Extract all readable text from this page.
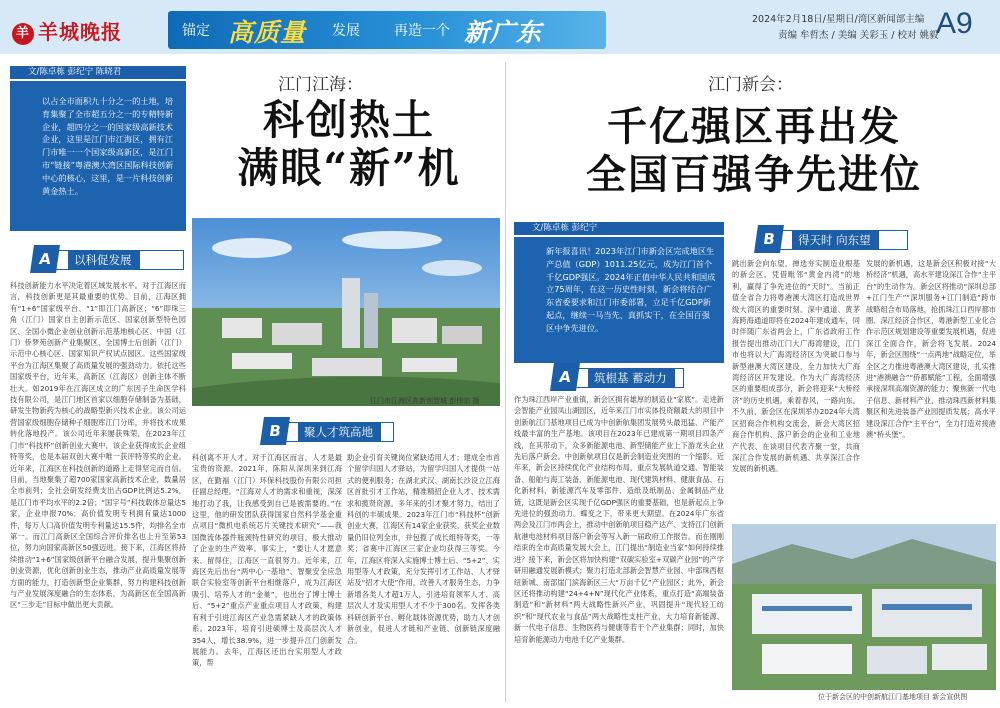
羊 羊城晚报	锚定 高质量 发展 再造一个 新广东	2024年2月18日/星期日/湾区新闻部主编
责编 牟哲杰 / 美编 关彩玉 / 校对 姚毅
A9
文/陈卓栋 彭纪宁 陈晓君
以占全市面积九十分之一的土地，培育集聚了全市超五分之一的专精特新企业，超四分之一的国家级高新技术企业，这里是江门市江海区，拥有江门市唯一一个国家级高新区，是江门市“链接”粤港澳大湾区国际科技创新中心的核心，这里，是一片科技创新黄金热土。
江门江海：
科创热土
满眼“新”机
A	以科促发展
科技创新能力水平决定着区域发展水平。对于江海区而言，科技创新更是其最重要的优势。目前，江海区拥有“1+6”国家级平台、“1”即江门高新区；“6”即珠三角（江门）国家自主创新示范区、国家创新型特色园区、全国小微企业创业创新示范基地核心区、中国（江门）侨梦苑创新产业集聚区、全国博士后创新（江门）示范中心核心区、国家知识产权试点园区。这些国家级平台为江海区集聚了高质量发展的强劲动力。依托这些国家级平台，近年来，高新区（江海区）创新主体不断壮大。如2019年在江海区成立的广东因子生命医学科技有限公司，是江门地区首家以细胞存储制备为基础，研发生物新药为核心的战略型新兴技术企业。该公司运营国家级细胞存储种子细胞库江门分库，并将技术成果转化落地投产。该公司近年来屡获殊荣，在2023年江门市“科技杯”创新创业大赛中，该企业获得成长企业组特等奖，也是本届双创大赛中唯一获评特等奖的企业。近年来，江海区在科技创新的道路上走得坚定而自信。目前，当地聚集了超700家国家高新技术企业，数量居全市前列；全社会研发经费支出占GDP比例达5.2%，是江门市平均水平的2.2倍；“国字号”科技载体总量达5家，企业申报70%；高价值发明专利拥有量达1000件，每万人口高价值发明专利量达15.5件，均排名全市第一。而江门高新区全国综合评价排名也上升至第53位，努力向国家高新区50强迈进。接下来，江海区将持续推动“1+6”国家级创新平台融合发展，提升集聚创新创业资源，优化创新创业生态，推动产业高质量发展等方面的能力，打造创新型企业集群，努力构建科技创新与产业发展深度融合的生态体系，为高新区在全国高新区“三步走”目标中做出更大贡献。
江门市江海区高新创智城 彭伟宗 摄
B	聚人才筑高地
科创离不开人才。对于江海区而言，人才是最宝贵的资源。2021年，陈阳从深圳来到江海区，在勤福（江门）环保科技股份有限公司担任副总经理。“江海对人才的需求和重视，深深地打动了我，让我感受到自己是被需要的。”在这里，他的研发团队获得国家自然科学基金重点项目“微机电系统芯片关键技术研究”——我国微流体器件瓶颈特性研究的项目，极大推动了企业的生产效率。事实上，“要让人才愿意来、留得住，江海区一直很努力。近年来，江海区先后出台“两中心一基地”、智聚安全应急联合实验室等创新平台相继落户，成为江海区吸引、培养人才的“金巢”，也出台了博士博士后、“5+2”重点产业重点项目人才政策，构建有利于引进江海区产业急需紧缺人才的政策体系。2023年，培育引进硕博士及高层次人才354人，增长38.9%，进一步提升江门创新发展能力。去年，江海区还出台实用型人才政策，帮
助企业引育关键岗位紧缺适用人才；建成全市首个留学归国人才驿站，为留学归国人才提供一站式的便利服务；在湖北武汉、湖南长沙设立江海区首批引才工作站，精准精招企业人才、技术需求和揽贤资源。多年来的引才聚才努力，结出了科创的丰硕成果。2023年江门市“科技杯”创新创业大赛，江海区有14家企业获奖，获奖企业数量仍旧位列全市，并包揽了成长组特等奖，一等奖；省赛中江海区三家企业均获得三等奖。今年，江海区将深入实施博士博士后、“5+2”、实用型等人才政策，充分发挥引才工作站、人才驿站及“招才大使”作用，改善人才服务生态，力争新增各类人才超1万人，引进培育领军人才、高层次人才及实用型人才不少于300名。发挥各类科研创新平台、孵化载体资源优势，助力人才创新创业，促进人才链和产业链、创新链深度融合。
江门新会：
千亿强区再出发
全国百强争先进位
文/陈卓栋 彭纪宁
新年报喜讯！2023年江门市新会区完成地区生产总值（GDP）1011.25亿元，成为江门首个千亿GDP强区。2024年正值中华人民共和国成立75周年，在这一历史性时刻，新会将结合广东省委要求和江门市委部署，立足千亿GDP新起点，继续一马当先、真抓实干，在全国百强区中争先进位。
B	得天时 向东望
A	筑根基 蓄动力
作为珠江西岸产业重镇，新会区拥有雄厚的制造业“家底”。走进新会智能产业园凤山湖园区，近年来江门市实体投资额最大的项目中创新航江门基地项目已成为中创新航集团发展势头最迅猛、产能产线最丰富的生产基地。该项目在2023年已建成第一期项目四条产线，在其带动下，众多新能源电池、新型储能产业上下游龙头企业先后落户新会。中创新航项目仅是新会制造业突围的一个缩影。近年来，新会区持续优化产业结构布局，重点发展轨道交通、智能装备、船舶与海工装备、新能源电池、现代建筑材料、健康食品、石化新材料、新能源汽车及零部件、造纸及纸制品、金属制品产业链，这既是新会区实现千亿GDP强区的重要基础，也是新起点上争先进位的强劲动力。蝶变之下，带来更大期望。在2024年广东省两会及江门市两会上，推动中创新航项目稳产达产、支持江门创新航港电池材料项目落户新会等写入新一届政府工作报告。而在刚刚结束的全市高质量发展大会上，江门提出“制造业当家”如何持续推进？接下来，新会区将加快构建“双碳实验室+双碳产业园”的产学研用融通发展新模式；聚力打造北部新会智慧产业园、中部珠西枢纽新城、南部崖门滨海新区三大“万亩千亿”产业园区；此外，新会区还将推动构建“24+4+N”现代化产业体系，重点打造“高端装备制造”和“新材料”两大战略性新兴产业，巩固提升“现代轻工纺织”和“现代农业与食品”两大战略性支柱产业，大力培育新能源、新一代电子信息、生物医药与健康等若干个产业集群；同时，加快培育新能源动力电池千亿产业集群。
跳出新会向东望，掸选夯实制造业根基的新会区，凭借毗邻“黄金内湾”的地利，赢得了争先进位的“天时”。当前正值全省合力将粤港澳大湾区打造成世界级大湾区的重要时刻。深中通道、黄茅海跨海通道即将在2024年建成通车，同时伴随广东省两会上，广东省政府工作报告提出推动江门大广海湾建设，江门市也将以大广海湾经济区为突破口参与新型港澳大湾区建设，全力加快大广海湾经济区开发建设。作为大广海湾经济区的重要组成部分，新会将迎来“大桥经济”的历史机遇。乘着春风，一路向东。不久前，新会区在深圳举办2024年大湾区招商合作机构交流会，新会大湾区招商合作机构、落户新会的企业和工业地产代表、在谈项目代表齐聚一堂，共商深江合作发展的新机遇、共享深江合作发展的新机遇。
发展的新机遇，这是新会区积极对接“大桥经济”机遇，高水平建设深江合作“主平台”的生动作为。新会区将推动“深圳总部+江门生产”“深圳服务+江门制造”跨市战略组合布局落地，抢抓珠江口西岸都市圈、深江经济合作区，粤港新型工业化合作示范区规划建设等重要发展机遇，促进深江全面合作，新会将飞发展。2024年，新会区围绕“一点两地”战略定位，举全区之力推进粤港澳大湾区建设，扎实推进“港澳融合”“侨都赋能”工程，全面增强承接深圳高端资源的能力；聚焦新一代电子信息、新材料产业，推动珠西新材料集聚区和先进装备产业园提质发展；高水平建设深江合作“主平台”，全力打造对接港澳“桥头堡”。
位于新会区的中创新航江门基地项目 新会宣供图
